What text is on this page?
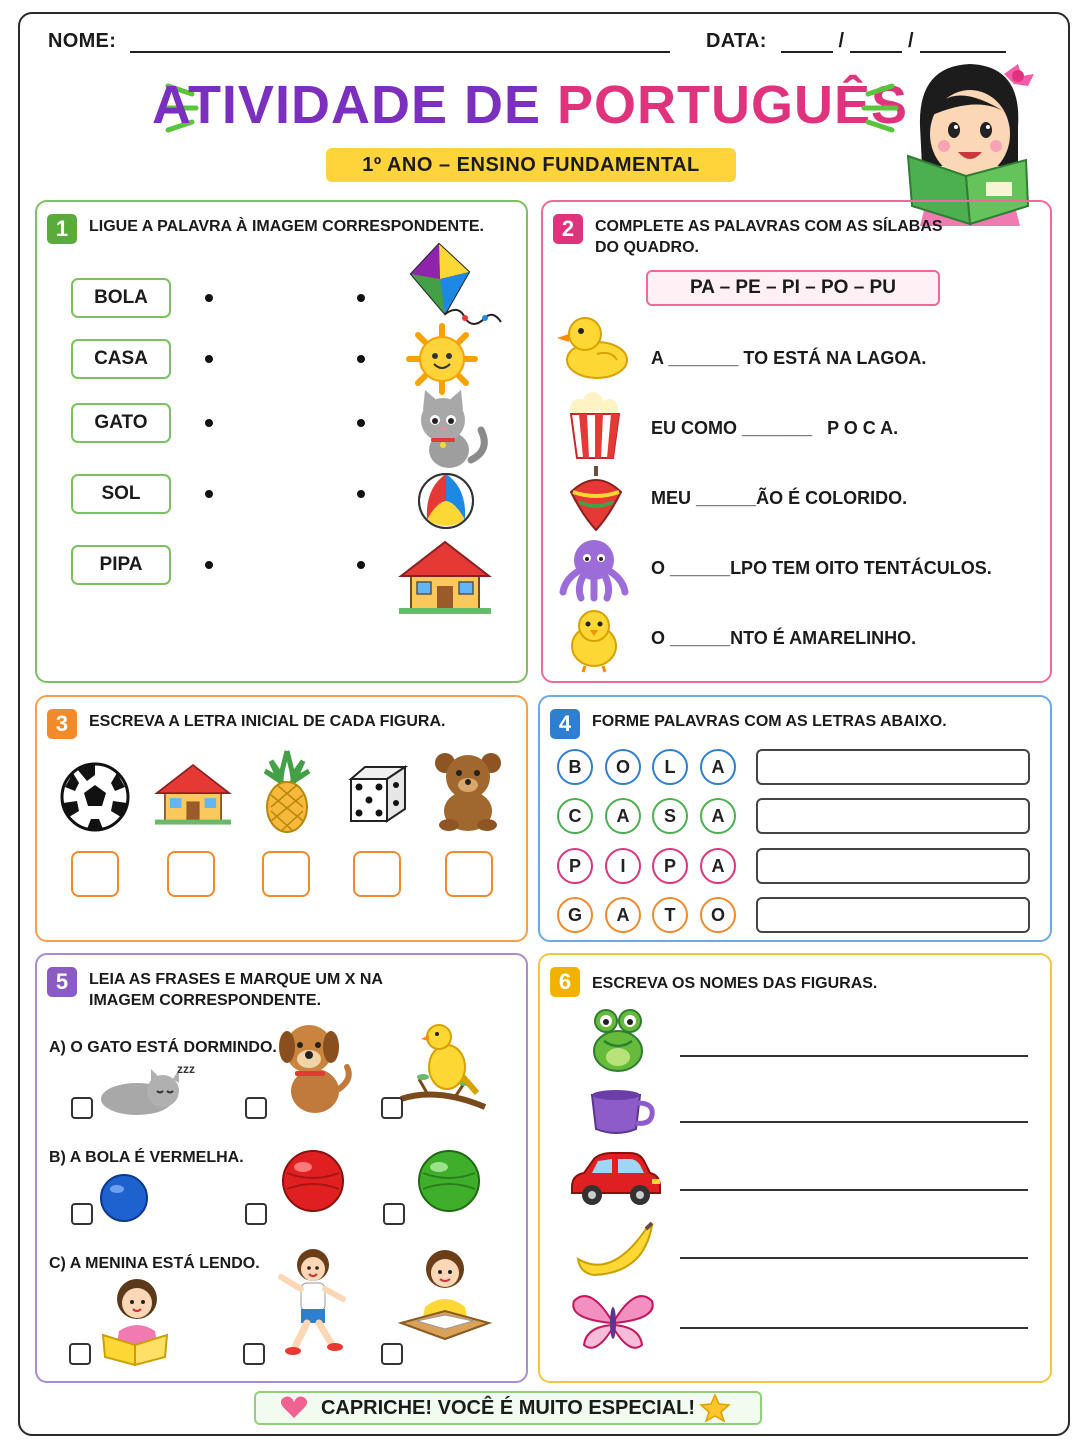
NOME:	DATA:	/	/
ATIVIDADE DE PORTUGUÊS
1º ANO – ENSINO FUNDAMENTAL
1	LIGUE A PALAVRA À IMAGEM CORRESPONDENTE.
BOLA
CASA
GATO
SOL
PIPA
2	COMPLETE AS PALAVRAS COM AS SÍLABAS
DO QUADRO.
PA – PE – PI – PO – PU
A _______ TO ESTÁ NA LAGOA.
EU COMO _______   P O C A.
MEU ______ÃO É COLORIDO.
O ______LPO TEM OITO TENTÁCULOS.
O ______NTO É AMARELINHO.
3	ESCREVA A LETRA INICIAL DE CADA FIGURA.	4	FORME PALAVRAS COM AS LETRAS ABAIXO.
B	O	L	A
C	A	S	A
P	I	P	A
G	A	T	O
5	LEIA AS FRASES E MARQUE UM X NA
IMAGEM CORRESPONDENTE.
A) O GATO ESTÁ DORMINDO.
B) A BOLA É VERMELHA.
C) A MENINA ESTÁ LENDO.
zzz
6	ESCREVA OS NOMES DAS FIGURAS.
CAPRICHE! VOCÊ É MUITO ESPECIAL!
